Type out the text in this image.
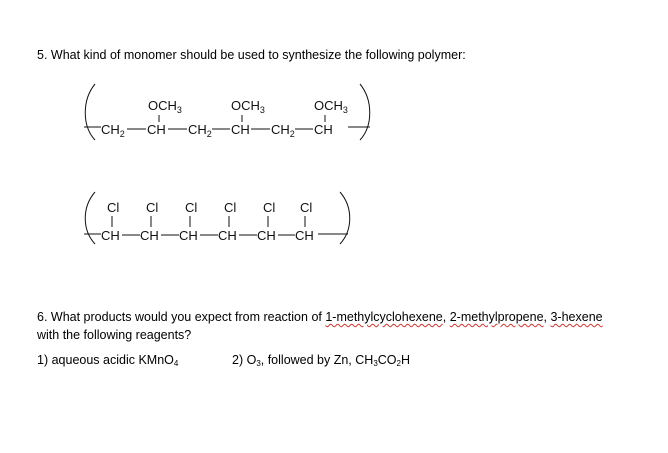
5. What kind of monomer should be used to synthesize the following polymer:
$OCH_3$	$OCH_3$	$OCH_3$
$CH_2$ CH $CH_2$ CH $CH_2$ CH
Cl Cl Cl Cl Cl Cl
CH CH CH CH CH CH
6. What products would you expect from reaction of 1-methylcyclohexene, 2-methylpropene, 3-hexene
with the following reagents?
1) aqueous acidic KMnO$_4$	2) $O_3$, followed by Zn, $CH_3CO_2H$
